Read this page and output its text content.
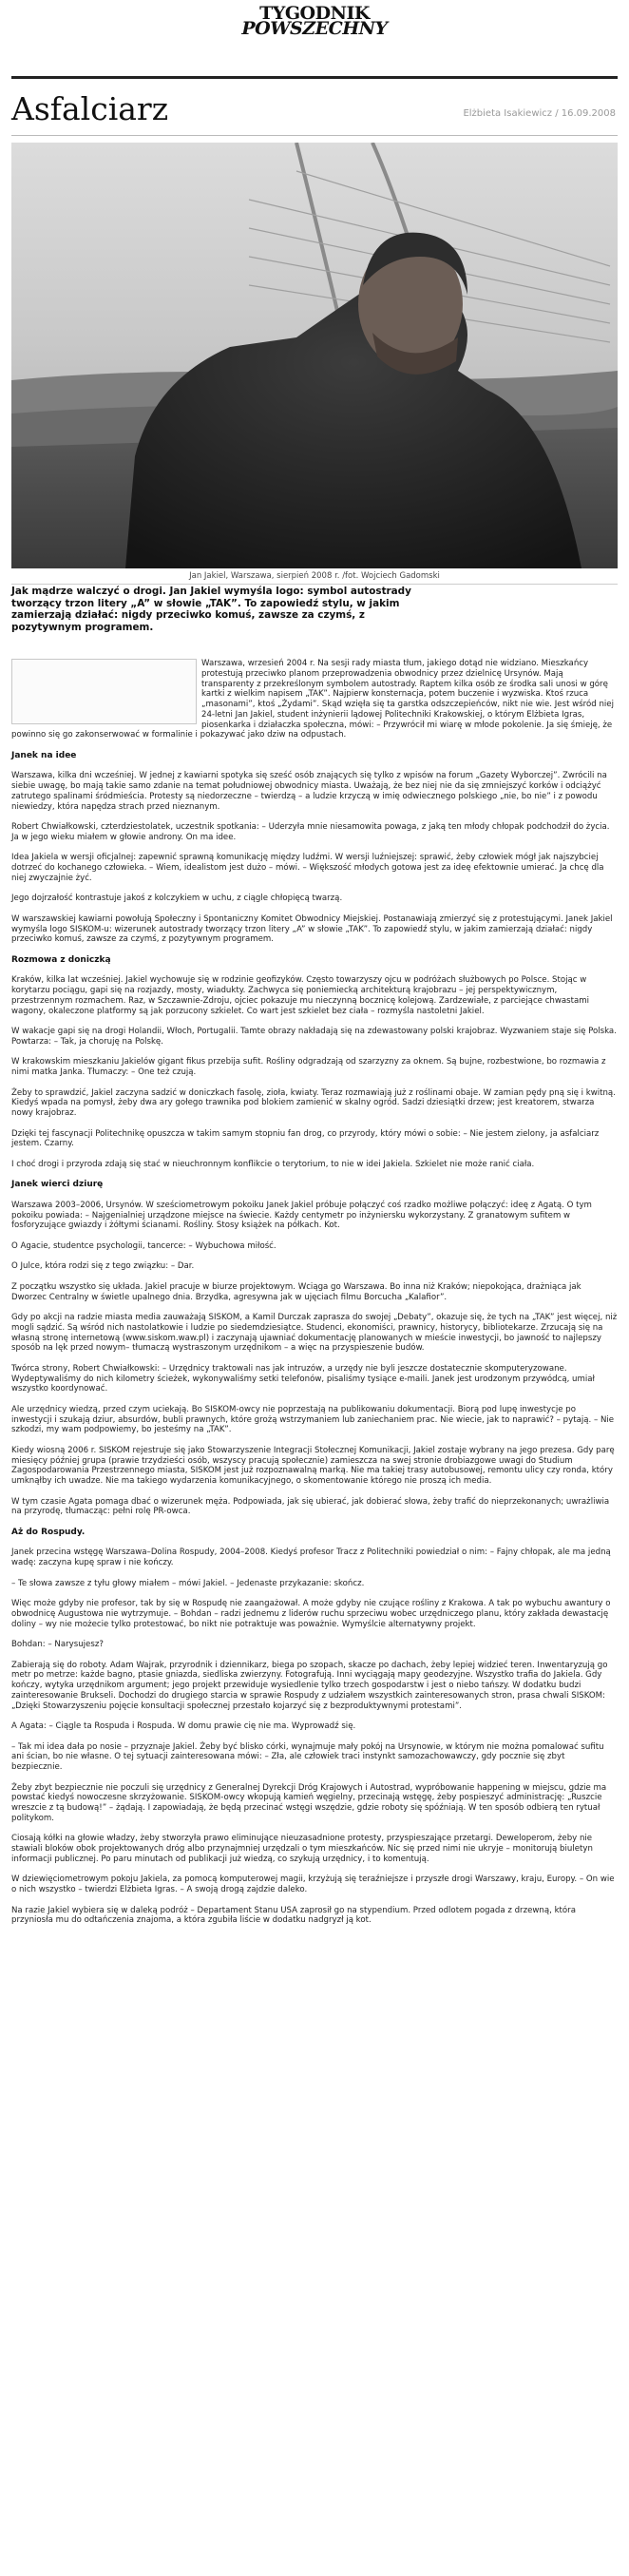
TYGODNIK
POWSZECHNY
Asfalciarz	Elżbieta Isakiewicz / 16.09.2008
Jan Jakiel, Warszawa, sierpień 2008 r. /fot. Wojciech Gadomski

Jak mądrze walczyć o drogi. Jan Jakiel wymyśla logo: symbol autostrady tworzący trzon litery „A” w słowie „TAK”. To zapowiedź stylu, w jakim zamierzają działać: nigdy przeciwko komuś, zawsze za czymś, z pozytywnym programem.

Warszawa, wrzesień 2004 r. Na sesji rady miasta tłum, jakiego dotąd nie widziano. Mieszkańcy protestują przeciwko planom przeprowadzenia obwodnicy przez dzielnicę Ursynów. Mają transparenty z przekreślonym symbolem autostrady. Raptem kilka osób ze środka sali unosi w górę kartki z wielkim napisem „TAK”. Najpierw konsternacja, potem buczenie i wyzwiska. Ktoś rzuca „masonami”, ktoś „Żydami”. Skąd wzięła się ta garstka odszczepieńców, nikt nie wie. Jest wśród niej 24-letni Jan Jakiel, student inżynierii lądowej Politechniki Krakowskiej, o którym Elżbieta Igras, piosenkarka i działaczka społeczna, mówi: – Przywrócił mi wiarę w młode pokolenie. Ja się śmieję, że powinno się go zakonserwować w formalinie i pokazywać jako dziw na odpustach.

Janek na idee

Warszawa, kilka dni wcześniej. W jednej z kawiarni spotyka się sześć osób znających się tylko z wpisów na forum „Gazety Wyborczej”. Zwrócili na siebie uwagę, bo mają takie samo zdanie na temat południowej obwodnicy miasta. Uważają, że bez niej nie da się zmniejszyć korków i odciążyć zatrutego spalinami śródmieścia. Protesty są niedorzeczne – twierdzą – a ludzie krzyczą w imię odwiecznego polskiego „nie, bo nie” i z powodu niewiedzy, która napędza strach przed nieznanym.

Robert Chwiałkowski, czterdziestolatek, uczestnik spotkania: – Uderzyła mnie niesamowita powaga, z jaką ten młody chłopak podchodził do życia. Ja w jego wieku miałem w głowie androny. On ma idee.

Idea Jakiela w wersji oficjalnej: zapewnić sprawną komunikację między ludźmi. W wersji luźniejszej: sprawić, żeby człowiek mógł jak najszybciej dotrzeć do kochanego człowieka. – Wiem, idealistom jest dużo – mówi. – Większość młodych gotowa jest za ideę efektownie umierać. Ja chcę dla niej zwyczajnie żyć.

Jego dojrzałość kontrastuje jakoś z kolczykiem w uchu, z ciągle chłopięcą twarzą.

W warszawskiej kawiarni powołują Społeczny i Spontaniczny Komitet Obwodnicy Miejskiej. Postanawiają zmierzyć się z protestującymi. Janek Jakiel wymyśla logo SISKOM-u: wizerunek autostrady tworzący trzon litery „A” w słowie „TAK”. To zapowiedź stylu, w jakim zamierzają działać: nigdy przeciwko komuś, zawsze za czymś, z pozytywnym programem.

Rozmowa z doniczką

Kraków, kilka lat wcześniej. Jakiel wychowuje się w rodzinie geofizyków. Często towarzyszy ojcu w podróżach służbowych po Polsce. Stojąc w korytarzu pociągu, gapi się na rozjazdy, mosty, wiadukty. Zachwyca się poniemiecką architekturą krajobrazu – jej perspektywicznym, przestrzennym rozmachem. Raz, w Szczawnie-Zdroju, ojciec pokazuje mu nieczynną bocznicę kolejową. Zardzewiałe, z parciejące chwastami wagony, okaleczone platformy są jak porzucony szkielet. Co wart jest szkielet bez ciała – rozmyśla nastoletni Jakiel.

W wakacje gapi się na drogi Holandii, Włoch, Portugalii. Tamte obrazy nakładają się na zdewastowany polski krajobraz. Wyzwaniem staje się Polska. Powtarza: – Tak, ja choruję na Polskę.

W krakowskim mieszkaniu Jakielów gigant fikus przebija sufit. Rośliny odgradzają od szarzyzny za oknem. Są bujne, rozbestwione, bo rozmawia z nimi matka Janka. Tłumaczy: – One też czują.

Żeby to sprawdzić, Jakiel zaczyna sadzić w doniczkach fasolę, zioła, kwiaty. Teraz rozmawiają już z roślinami obaje. W zamian pędy pną się i kwitną. Kiedyś wpada na pomysł, żeby dwa ary gołego trawnika pod blokiem zamienić w skalny ogród. Sadzi dziesiątki drzew; jest kreatorem, stwarza nowy krajobraz.

Dzięki tej fascynacji Politechnikę opuszcza w takim samym stopniu fan drog, co przyrody, który mówi o sobie: – Nie jestem zielony, ja asfalciarz jestem. Czarny.

I choć drogi i przyroda zdają się stać w nieuchronnym konflikcie o terytorium, to nie w idei Jakiela. Szkielet nie może ranić ciała.

Janek wierci dziurę

Warszawa 2003–2006, Ursynów. W sześciometrowym pokoiku Janek Jakiel próbuje połączyć coś rzadko możliwe połączyć: ideę z Agatą. O tym pokoiku powiada: – Najgenialniej urządzone miejsce na świecie. Każdy centymetr po inżyniersku wykorzystany. Z granatowym sufitem w fosforyzujące gwiazdy i żółtymi ścianami. Rośliny. Stosy książek na półkach. Kot.

O Agacie, studentce psychologii, tancerce: – Wybuchowa miłość.

O Julce, która rodzi się z tego związku: – Dar.

Z początku wszystko się układa. Jakiel pracuje w biurze projektowym. Wciąga go Warszawa. Bo inna niż Kraków; niepokojąca, drażniąca jak Dworzec Centralny w świetle upalnego dnia. Brzydka, agresywna jak w ujęciach filmu Borcucha „Kalafior”.

Gdy po akcji na radzie miasta media zauważają SISKOM, a Kamil Durczak zaprasza do swojej „Debaty”, okazuje się, że tych na „TAK” jest więcej, niż mogli sądzić. Są wśród nich nastolatkowie i ludzie po siedemdziesiątce. Studenci, ekonomiści, prawnicy, historycy, bibliotekarze. Zrzucają się na własną stronę internetową (www.siskom.waw.pl) i zaczynają ujawniać dokumentację planowanych w mieście inwestycji, bo jawność to najlepszy sposób na lęk przed nowym– tłumaczą wystraszonym urzędnikom – a więc na przyspieszenie budów.

Twórca strony, Robert Chwiałkowski: – Urzędnicy traktowali nas jak intruzów, a urzędy nie byli jeszcze dostatecznie skomputeryzowane. Wydeptywaliśmy do nich kilometry ścieżek, wykonywaliśmy setki telefonów, pisaliśmy tysiące e-maili. Janek jest urodzonym przywódcą, umiał wszystko koordynować.

Ale urzędnicy wiedzą, przed czym uciekają. Bo SISKOM-owcy nie poprzestają na publikowaniu dokumentacji. Biorą pod lupę inwestycje po inwestycji i szukają dziur, absurdów, bubli prawnych, które grożą wstrzymaniem lub zaniechaniem prac. Nie wiecie, jak to naprawić? – pytają. – Nie szkodzi, my wam podpowiemy, bo jesteśmy na „TAK”.

Kiedy wiosną 2006 r. SISKOM rejestruje się jako Stowarzyszenie Integracji Stołecznej Komunikacji, Jakiel zostaje wybrany na jego prezesa. Gdy parę miesięcy później grupa (prawie trzydzieści osób, wszyscy pracują społecznie) zamieszcza na swej stronie drobiazgowe uwagi do Studium Zagospodarowania Przestrzennego miasta, SISKOM jest już rozpoznawalną marką. Nie ma takiej trasy autobusowej, remontu ulicy czy ronda, który umknąłby ich uwadze. Nie ma takiego wydarzenia komunikacyjnego, o skomentowanie którego nie proszą ich media.

W tym czasie Agata pomaga dbać o wizerunek męża. Podpowiada, jak się ubierać, jak dobierać słowa, żeby trafić do nieprzekonanych; uwrażliwia na przyrodę, tłumacząc: pełni rolę PR-owca.

Aż do Rospudy.

Janek przecina wstęgę Warszawa–Dolina Rospudy, 2004–2008. Kiedyś profesor Tracz z Politechniki powiedział o nim: – Fajny chłopak, ale ma jedną wadę: zaczyna kupę spraw i nie kończy.

– Te słowa zawsze z tyłu głowy miałem – mówi Jakiel. – Jedenaste przykazanie: skończ.

Więc może gdyby nie profesor, tak by się w Rospudę nie zaangażował. A może gdyby nie czujące rośliny z Krakowa. A tak po wybuchu awantury o obwodnicę Augustowa nie wytrzymuje. – Bohdan – radzi jednemu z liderów ruchu sprzeciwu wobec urzędniczego planu, który zakłada dewastację doliny – wy nie możecie tylko protestować, bo nikt nie potraktuje was poważnie. Wymyślcie alternatywny projekt.

Bohdan: – Narysujesz?

Zabierają się do roboty. Adam Wajrak, przyrodnik i dziennikarz, biega po szopach, skacze po dachach, żeby lepiej widzieć teren. Inwentaryzują go metr po metrze: każde bagno, ptasie gniazda, siedliska zwierzyny. Fotografują. Inni wyciągają mapy geodezyjne. Wszystko trafia do Jakiela. Gdy kończy, wytyka urzędnikom argument; jego projekt przewiduje wysiedlenie tylko trzech gospodarstw i jest o niebo tańszy. W dodatku budzi zainteresowanie Brukseli. Dochodzi do drugiego starcia w sprawie Rospudy z udziałem wszystkich zainteresowanych stron, prasa chwali SISKOM: „Dzięki Stowarzyszeniu pojęcie konsultacji społecznej przestało kojarzyć się z bezproduktywnymi protestami”.

A Agata: – Ciągle ta Rospuda i Rospuda. W domu prawie cię nie ma. Wyprowadź się.

– Tak mi idea dała po nosie – przyznaje Jakiel. Żeby być blisko córki, wynajmuje mały pokój na Ursynowie, w którym nie można pomalować sufitu ani ścian, bo nie własne. O tej sytuacji zainteresowana mówi: – Zła, ale człowiek traci instynkt samozachowawczy, gdy pocznie się zbyt bezpiecznie.

Żeby zbyt bezpiecznie nie poczuli się urzędnicy z Generalnej Dyrekcji Dróg Krajowych i Autostrad, wypróbowanie happening w miejscu, gdzie ma powstać kiedyś nowoczesne skrzyżowanie. SISKOM-owcy wkopują kamień węgielny, przecinają wstęgę, żeby pospieszyć administrację: „Ruszcie wreszcie z tą budową!” – żądają. I zapowiadają, że będą przecinać wstęgi wszędzie, gdzie roboty się spóźniają. W ten sposób odbierą ten rytuał politykom.

Ciosają kółki na głowie władzy, żeby stworzyła prawo eliminujące nieuzasadnione protesty, przyspieszające przetargi. Deweloperom, żeby nie stawiali bloków obok projektowanych dróg albo przynajmniej urzędzali o tym mieszkańców. Nic się przed nimi nie ukryje – monitorują biuletyn informacji publicznej. Po paru minutach od publikacji już wiedzą, co szykują urzędnicy, i to komentują.

W dziewięciometrowym pokoju Jakiela, za pomocą komputerowej magii, krzyżują się teraźniejsze i przyszłe drogi Warszawy, kraju, Europy. – On wie o nich wszystko – twierdzi Elżbieta Igras. – A swoją drogą zajdzie daleko.

Na razie Jakiel wybiera się w daleką podróż – Departament Stanu USA zaprosił go na stypendium. Przed odlotem pogada z drzewną, która przyniosła mu do odtańczenia znajoma, a która zgubiła liście w dodatku nadgryzł ją kot.
